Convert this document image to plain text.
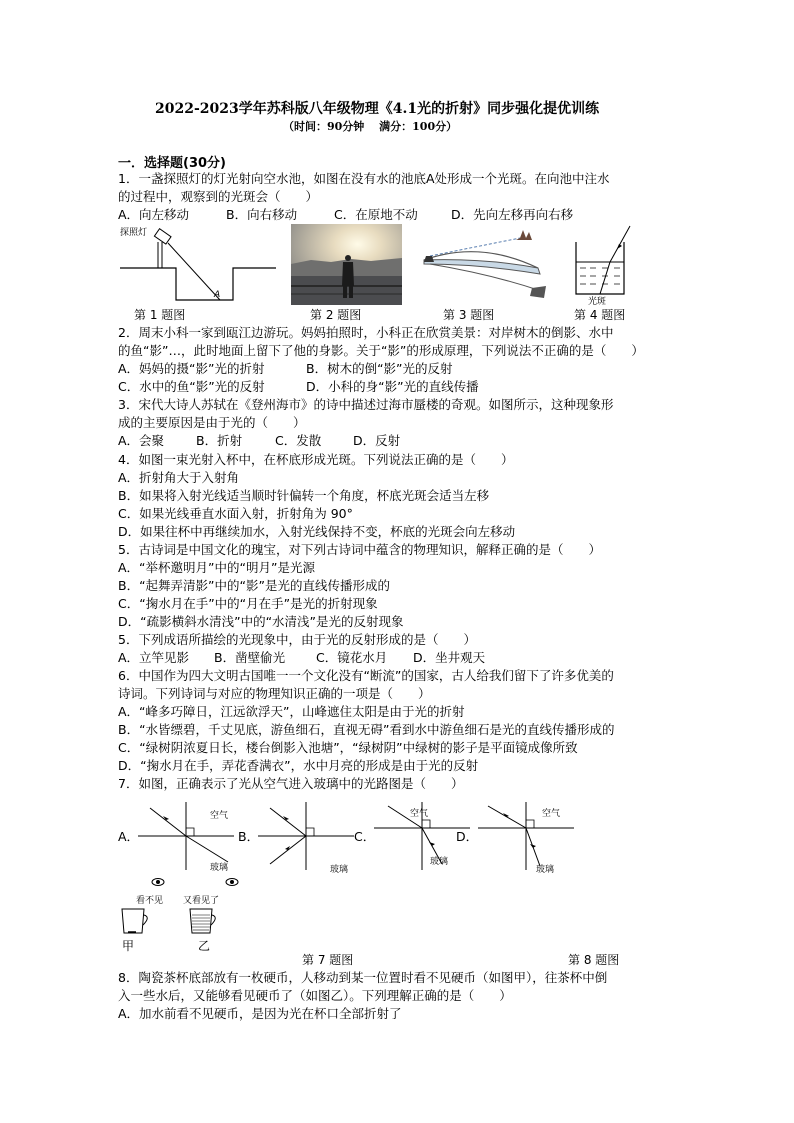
2022-2023学年苏科版八年级物理《4.1光的折射》同步强化提优训练
（时间：90分钟　 满分：100分）
一．选择题(30分)
1．一盏探照灯的灯光射向空水池，如图在没有水的池底A处形成一个光斑。在向池中注水
的过程中，观察到的光斑会（　　）
A．向左移动	B．向右移动	C．在原地不动	D．先向左移再向右移
探照灯
A
光斑
第 1 题图	第 2 题图	第 3 题图	第 4 题图
2．周末小科一家到瓯江边游玩。妈妈拍照时，小科正在欣赏美景：对岸树木的倒影、水中
的鱼“影”…，此时地面上留下了他的身影。关于“影”的形成原理，下列说法不正确的是（　　）
A．妈妈的摄“影”光的折射	B．树木的倒“影”光的反射
C．水中的鱼“影”光的反射	D．小科的身“影”光的直线传播
3．宋代大诗人苏轼在《登州海市》的诗中描述过海市蜃楼的奇观。如图所示，这种现象形
成的主要原因是由于光的（　　）
A．会聚	B．折射	C．发散	D．反射
4．如图一束光射入杯中，在杯底形成光斑。下列说法正确的是（　　）
A．折射角大于入射角
B．如果将入射光线适当顺时针偏转一个角度，杯底光斑会适当左移
C．如果光线垂直水面入射，折射角为 90°
D．如果往杯中再继续加水，入射光线保持不变，杯底的光斑会向左移动
5．古诗词是中国文化的瑰宝，对下列古诗词中蕴含的物理知识，解释正确的是（　　）
A．“举杯邀明月”中的“明月”是光源
B．“起舞弄清影”中的“影”是光的直线传播形成的
C．“掬水月在手”中的“月在手”是光的折射现象
D．“疏影横斜水清浅”中的“水清浅”是光的反射现象
5．下列成语所描绘的光现象中，由于光的反射形成的是（　　）
A．立竿见影 B．凿壁偷光 C．镜花水月 D．坐井观天
6．中国作为四大文明古国唯一一个文化没有“断流”的国家，古人给我们留下了许多优美的
诗词。下列诗词与对应的物理知识正确的一项是（　　）
A．“峰多巧障日，江远欲浮天”，山峰遮住太阳是由于光的折射
B．“水皆缥碧，千丈见底，游鱼细石，直视无碍”看到水中游鱼细石是光的直线传播形成的
C．“绿树阴浓夏日长，楼台倒影入池塘”，“绿树阴”中绿树的影子是平面镜成像所致
D．“掬水月在手，弄花香满衣”，水中月亮的形成是由于光的反射
7．如图，正确表示了光从空气进入玻璃中的光路图是（　　）
A．
空气
玻璃
B．
玻璃
C．
空气
玻璃
D．
空气
玻璃
看不见 又看见了
甲	乙
第 7 题图	第 8 题图
8．陶瓷茶杯底部放有一枚硬币，人移动到某一位置时看不见硬币（如图甲），往茶杯中倒
入一些水后，又能够看见硬币了（如图乙）。下列理解正确的是（　　）
A．加水前看不见硬币，是因为光在杯口全部折射了
